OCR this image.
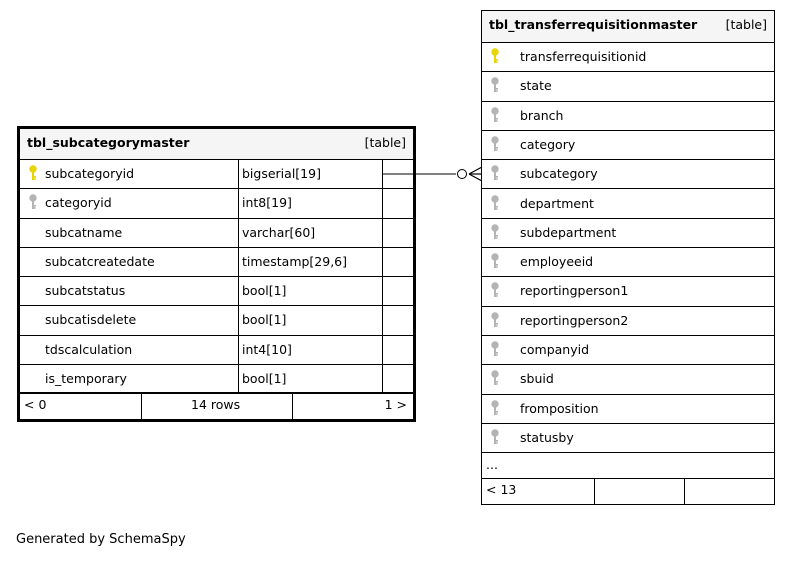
tbl_subcategorymaster	[table]
subcategoryid	bigserial[19]
categoryid	int8[19]
subcatname	varchar[60]
subcatcreatedate	timestamp[29,6]
subcatstatus	bool[1]
subcatisdelete	bool[1]
tdscalculation	int4[10]
is_temporary	bool[1]
< 0	14 rows	1 >
tbl_transferrequisitionmaster [table]
transferrequisitionid
state
branch
category
subcategory
department
subdepartment
employeeid
reportingperson1
reportingperson2
companyid
sbuid
fromposition
statusby
...
< 13
Generated by SchemaSpy
